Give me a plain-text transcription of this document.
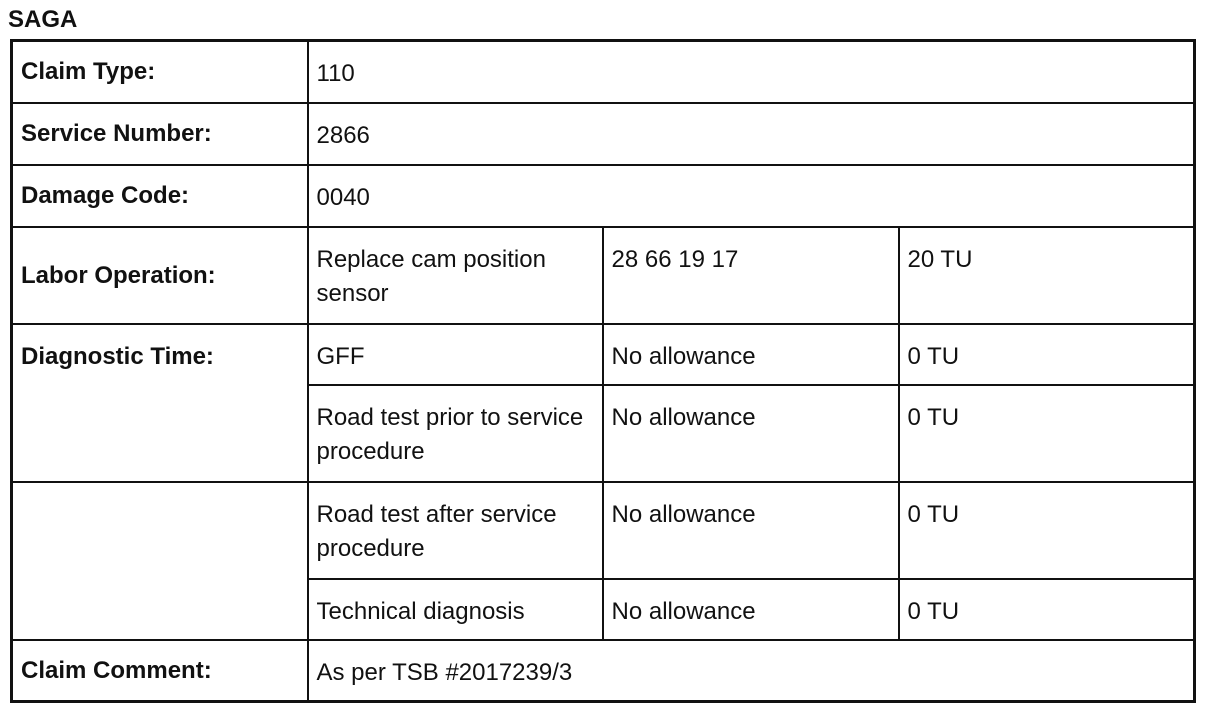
SAGA
Claim Type:	110		
Service Number:	2866		
Damage Code:	0040		
Labor Operation:	Replace cam position sensor	28 66 19 17	20 TU
Diagnostic Time:	GFF	No allowance	0 TU
	Road test prior to service procedure	No allowance	0 TU
	Road test after service procedure	No allowance	0 TU
	Technical diagnosis	No allowance	0 TU
Claim Comment:	As per TSB #2017239/3		
